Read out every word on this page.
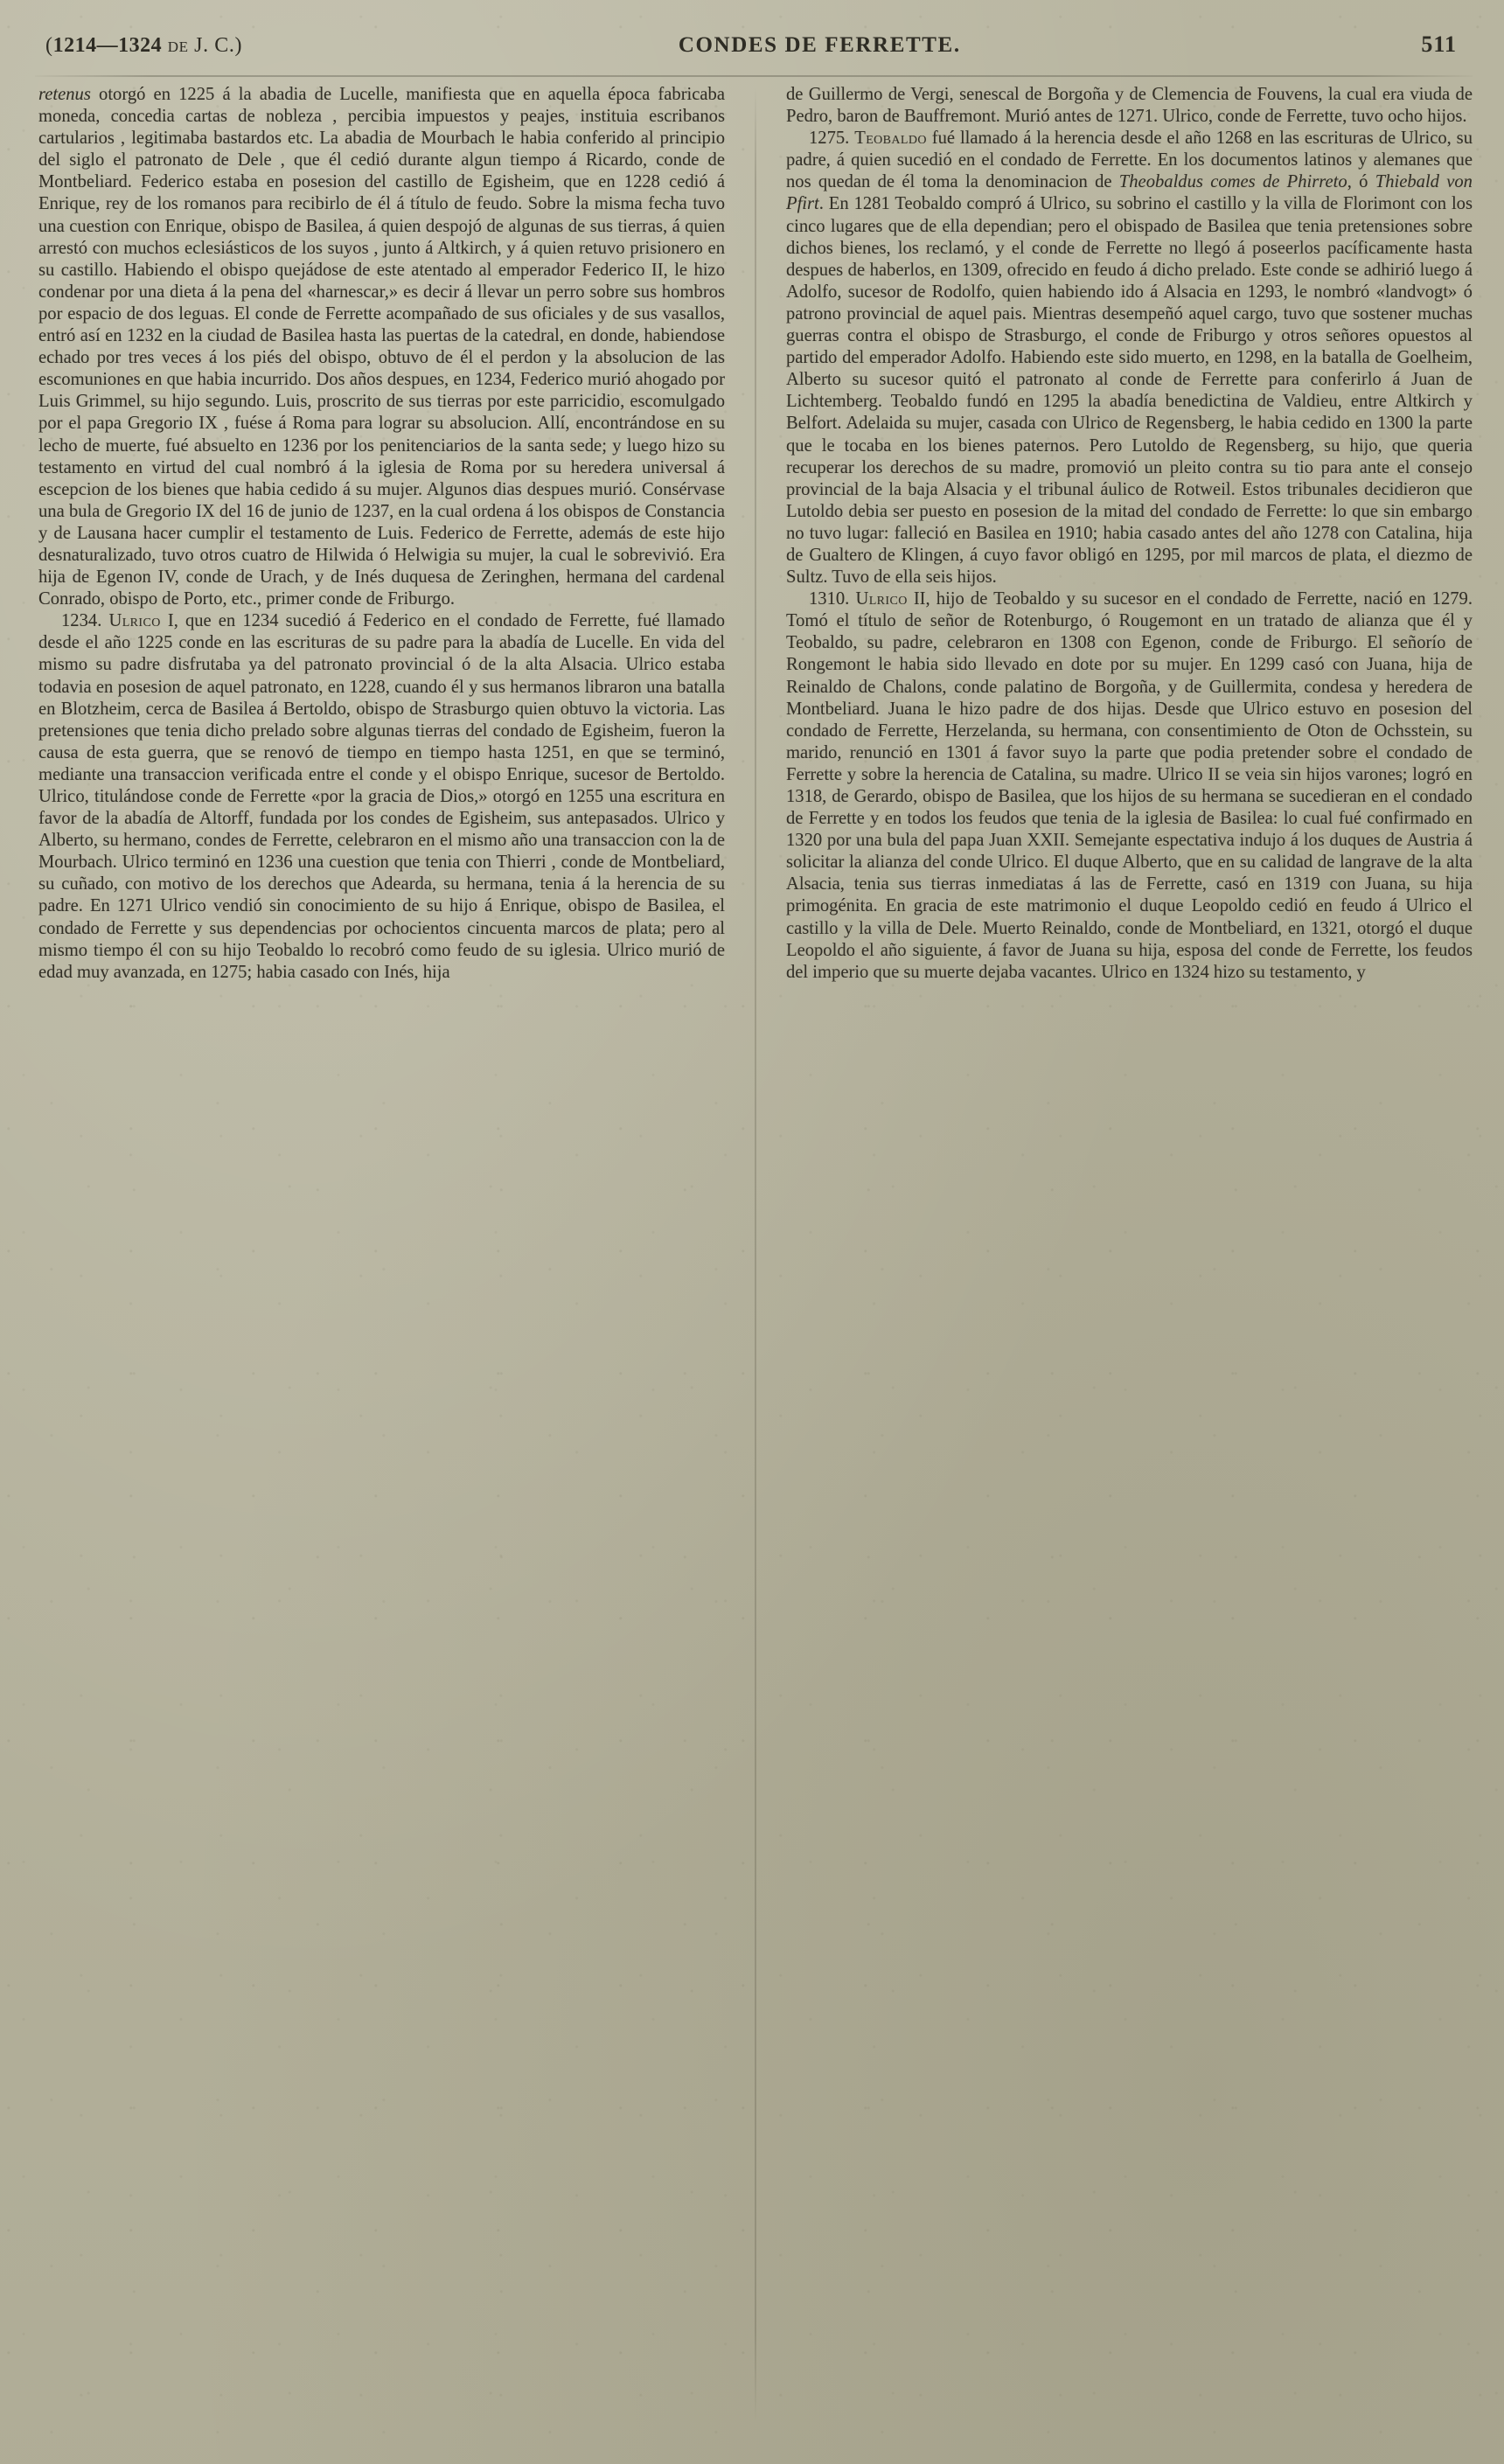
(1214—1324 de J. C.)	CONDES DE FERRETTE.	511

retenus otorgó en 1225 á la abadia de Lucelle, manifiesta que en aquella época fabricaba moneda, concedia cartas de nobleza , percibia impuestos y peajes, instituia escribanos cartularios , legitimaba bastardos etc. La abadia de Mourbach le habia conferido al principio del siglo el patronato de Dele , que él cedió durante algun tiempo á Ricardo, conde de Montbeliard. Federico estaba en posesion del castillo de Egisheim, que en 1228 cedió á Enrique, rey de los romanos para recibirlo de él á título de feudo. Sobre la misma fecha tuvo una cuestion con Enrique, obispo de Basilea, á quien despojó de algunas de sus tierras, á quien arrestó con muchos eclesiásticos de los suyos , junto á Altkirch, y á quien retuvo prisionero en su castillo. Habiendo el obispo quejádose de este atentado al emperador Federico II, le hizo condenar por una dieta á la pena del «harnescar,» es decir á llevar un perro sobre sus hombros por espacio de dos leguas. El conde de Ferrette acompañado de sus oficiales y de sus vasallos, entró así en 1232 en la ciudad de Basilea hasta las puertas de la catedral, en donde, habiendose echado por tres veces á los piés del obispo, obtuvo de él el perdon y la absolucion de las escomuniones en que habia incurrido. Dos años despues, en 1234, Federico murió ahogado por Luis Grimmel, su hijo segundo. Luis, proscrito de sus tierras por este parricidio, escomulgado por el papa Gregorio IX , fuése á Roma para lograr su absolucion. Allí, encontrándose en su lecho de muerte, fué absuelto en 1236 por los penitenciarios de la santa sede; y luego hizo su testamento en virtud del cual nombró á la iglesia de Roma por su heredera universal á escepcion de los bienes que habia cedido á su mujer. Algunos dias despues murió. Consérvase una bula de Gregorio IX del 16 de junio de 1237, en la cual ordena á los obispos de Constancia y de Lausana hacer cumplir el testamento de Luis. Federico de Ferrette, además de este hijo desnaturalizado, tuvo otros cuatro de Hilwida ó Helwigia su mujer, la cual le sobrevivió. Era hija de Egenon IV, conde de Urach, y de Inés duquesa de Zeringhen, hermana del cardenal Conrado, obispo de Porto, etc., primer conde de Friburgo.

1234. Ulrico I, que en 1234 sucedió á Federico en el condado de Ferrette, fué llamado desde el año 1225 conde en las escrituras de su padre para la abadía de Lucelle. En vida del mismo su padre disfrutaba ya del patronato provincial ó de la alta Alsacia. Ulrico estaba todavia en posesion de aquel patronato, en 1228, cuando él y sus hermanos libraron una batalla en Blotzheim, cerca de Basilea á Bertoldo, obispo de Strasburgo quien obtuvo la victoria. Las pretensiones que tenia dicho prelado sobre algunas tierras del condado de Egisheim, fueron la causa de esta guerra, que se renovó de tiempo en tiempo hasta 1251, en que se terminó, mediante una transaccion verificada entre el conde y el obispo Enrique, sucesor de Bertoldo. Ulrico, titulándose conde de Ferrette «por la gracia de Dios,» otorgó en 1255 una escritura en favor de la abadía de Altorff, fundada por los condes de Egisheim, sus antepasados. Ulrico y Alberto, su hermano, condes de Ferrette, celebraron en el mismo año una transaccion con la de Mourbach. Ulrico terminó en 1236 una cuestion que tenia con Thierri , conde de Montbeliard, su cuñado, con motivo de los derechos que Adearda, su hermana, tenia á la herencia de su padre. En 1271 Ulrico vendió sin conocimiento de su hijo á Enrique, obispo de Basilea, el condado de Ferrette y sus dependencias por ochocientos cincuenta marcos de plata; pero al mismo tiempo él con su hijo Teobaldo lo recobró como feudo de su iglesia. Ulrico murió de edad muy avanzada, en 1275; habia casado con Inés, hija

de Guillermo de Vergi, senescal de Borgoña y de Clemencia de Fouvens, la cual era viuda de Pedro, baron de Bauffremont. Murió antes de 1271. Ulrico, conde de Ferrette, tuvo ocho hijos.

1275. Teobaldo fué llamado á la herencia desde el año 1268 en las escrituras de Ulrico, su padre, á quien sucedió en el condado de Ferrette. En los documentos latinos y alemanes que nos quedan de él toma la denominacion de Theobaldus comes de Phirreto, ó Thiebald von Pfirt. En 1281 Teobaldo compró á Ulrico, su sobrino el castillo y la villa de Florimont con los cinco lugares que de ella dependian; pero el obispado de Basilea que tenia pretensiones sobre dichos bienes, los reclamó, y el conde de Ferrette no llegó á poseerlos pacíficamente hasta despues de haberlos, en 1309, ofrecido en feudo á dicho prelado. Este conde se adhirió luego á Adolfo, sucesor de Rodolfo, quien habiendo ido á Alsacia en 1293, le nombró «landvogt» ó patrono provincial de aquel pais. Mientras desempeñó aquel cargo, tuvo que sostener muchas guerras contra el obispo de Strasburgo, el conde de Friburgo y otros señores opuestos al partido del emperador Adolfo. Habiendo este sido muerto, en 1298, en la batalla de Goelheim, Alberto su sucesor quitó el patronato al conde de Ferrette para conferirlo á Juan de Lichtemberg. Teobaldo fundó en 1295 la abadía benedictina de Valdieu, entre Altkirch y Belfort. Adelaida su mujer, casada con Ulrico de Regensberg, le habia cedido en 1300 la parte que le tocaba en los bienes paternos. Pero Lutoldo de Regensberg, su hijo, que queria recuperar los derechos de su madre, promovió un pleito contra su tio para ante el consejo provincial de la baja Alsacia y el tribunal áulico de Rotweil. Estos tribunales decidieron que Lutoldo debia ser puesto en posesion de la mitad del condado de Ferrette: lo que sin embargo no tuvo lugar: falleció en Basilea en 1910; habia casado antes del año 1278 con Catalina, hija de Gualtero de Klingen, á cuyo favor obligó en 1295, por mil marcos de plata, el diezmo de Sultz. Tuvo de ella seis hijos.

1310. Ulrico II, hijo de Teobaldo y su sucesor en el condado de Ferrette, nació en 1279. Tomó el título de señor de Rotenburgo, ó Rougemont en un tratado de alianza que él y Teobaldo, su padre, celebraron en 1308 con Egenon, conde de Friburgo. El señorío de Rongemont le habia sido llevado en dote por su mujer. En 1299 casó con Juana, hija de Reinaldo de Chalons, conde palatino de Borgoña, y de Guillermita, condesa y heredera de Montbeliard. Juana le hizo padre de dos hijas. Desde que Ulrico estuvo en posesion del condado de Ferrette, Herzelanda, su hermana, con consentimiento de Oton de Ochsstein, su marido, renunció en 1301 á favor suyo la parte que podia pretender sobre el condado de Ferrette y sobre la herencia de Catalina, su madre. Ulrico II se veia sin hijos varones; logró en 1318, de Gerardo, obispo de Basilea, que los hijos de su hermana se sucedieran en el condado de Ferrette y en todos los feudos que tenia de la iglesia de Basilea: lo cual fué confirmado en 1320 por una bula del papa Juan XXII. Semejante espectativa indujo á los duques de Austria á solicitar la alianza del conde Ulrico. El duque Alberto, que en su calidad de langrave de la alta Alsacia, tenia sus tierras inmediatas á las de Ferrette, casó en 1319 con Juana, su hija primogénita. En gracia de este matrimonio el duque Leopoldo cedió en feudo á Ulrico el castillo y la villa de Dele. Muerto Reinaldo, conde de Montbeliard, en 1321, otorgó el duque Leopoldo el año siguiente, á favor de Juana su hija, esposa del conde de Ferrette, los feudos del imperio que su muerte dejaba vacantes. Ulrico en 1324 hizo su testamento, y
